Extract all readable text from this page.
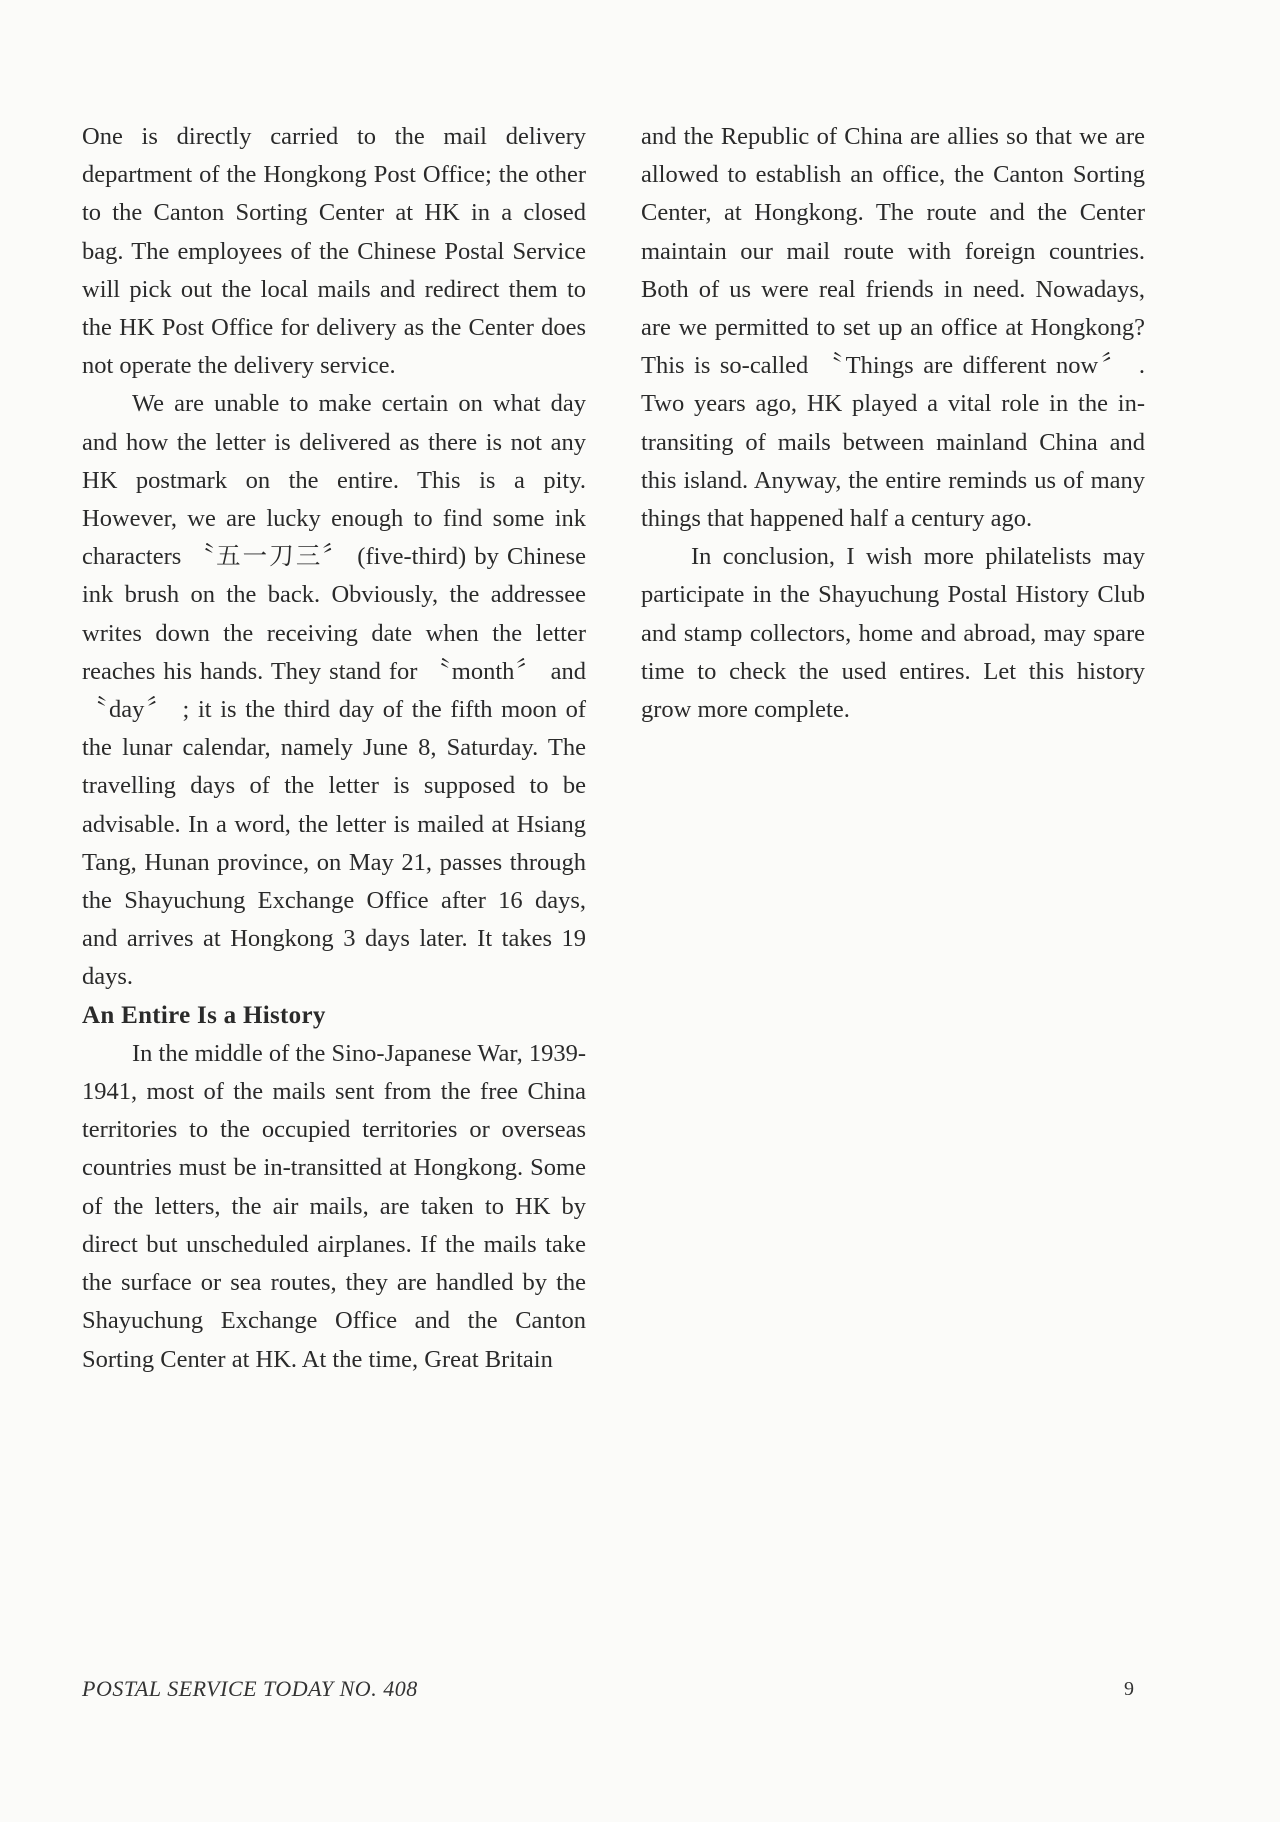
One is directly carried to the mail delivery department of the Hongkong Post Office; the other to the Canton Sorting Center at HK in a closed bag. The employees of the Chinese Postal Service will pick out the local mails and redirect them to the HK Post Office for delivery as the Center does not operate the delivery service.

We are unable to make certain on what day and how the letter is delivered as there is not any HK postmark on the entire. This is a pity. However, we are lucky enough to find some ink characters 〝五一刀三〞 (five-third) by Chinese ink brush on the back. Obviously, the addressee writes down the receiving date when the letter reaches his hands. They stand for 〝month〞 and 〝day〞 ; it is the third day of the fifth moon of the lunar calendar, namely June 8, Saturday. The travelling days of the letter is supposed to be advisable. In a word, the letter is mailed at Hsiang Tang, Hunan province, on May 21, passes through the Shayuchung Exchange Office after 16 days, and arrives at Hongkong 3 days later. It takes 19 days.

An Entire Is a History

In the middle of the Sino-Japanese War, 1939-1941, most of the mails sent from the free China territories to the occupied territories or overseas countries must be in-transitted at Hongkong. Some of the letters, the air mails, are taken to HK by direct but unscheduled airplanes. If the mails take the surface or sea routes, they are handled by the Shayuchung Exchange Office and the Canton Sorting Center at HK. At the time, Great Britain

and the Republic of China are allies so that we are allowed to establish an office, the Canton Sorting Center, at Hongkong. The route and the Center maintain our mail route with foreign countries. Both of us were real friends in need. Nowadays, are we permitted to set up an office at Hongkong? This is so-called 〝Things are different now〞 . Two years ago, HK played a vital role in the in-transiting of mails between mainland China and this island. Anyway, the entire reminds us of many things that happened half a century ago.

In conclusion, I wish more philatelists may participate in the Shayuchung Postal History Club and stamp collectors, home and abroad, may spare time to check the used entires. Let this history grow more complete.

POSTAL SERVICE TODAY NO. 408	9
